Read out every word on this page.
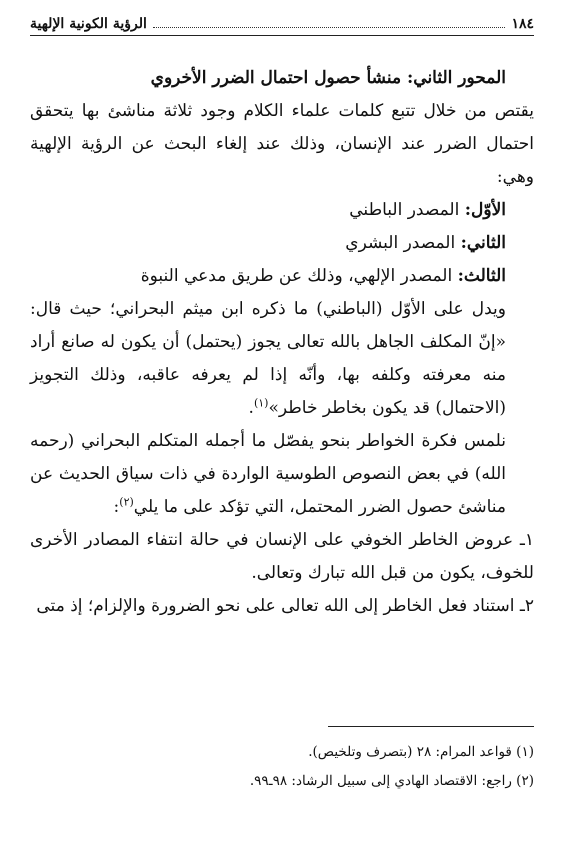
١٨٤
الرؤية الكونية الإلهية

المحور الثاني: منشأ حصول احتمال الضرر الأخروي

يقتص من خلال تتبع كلمات علماء الكلام وجود ثلاثة مناشئ بها يتحقق احتمال الضرر عند الإنسان، وذلك عند إلغاء البحث عن الرؤية الإلهية وهي:

الأوّل: المصدر الباطني

الثاني: المصدر البشري

الثالث: المصدر الإلهي، وذلك عن طريق مدعي النبوة

ويدل على الأوّل (الباطني) ما ذكره ابن ميثم البحراني؛ حيث قال: «إنّ المكلف الجاهل بالله تعالى يجوز (يحتمل) أن يكون له صانع أراد منه معرفته وكلفه بها، وأنّه إذا لم يعرفه عاقبه، وذلك التجويز (الاحتمال) قد يكون بخاطر خاطر»$^{(١)}$.

نلمس فكرة الخواطر بنحو يفصّل ما أجمله المتكلم البحراني (رحمه الله) في بعض النصوص الطوسية الواردة في ذات سياق الحديث عن مناشئ حصول الضرر المحتمل، التي تؤكد على ما يلي$^{(٢)}$:

١ـ عروض الخاطر الخوفي على الإنسان في حالة انتفاء المصادر الأخرى للخوف، يكون من قبل الله تبارك وتعالى.

٢ـ استناد فعل الخاطر إلى الله تعالى على نحو الضرورة والإلزام؛ إذ متى

(١) قواعد المرام: ٢٨ (بتصرف وتلخيص).

(٢) راجع: الاقتصاد الهادي إلى سبيل الرشاد: ٩٨ـ٩٩.
